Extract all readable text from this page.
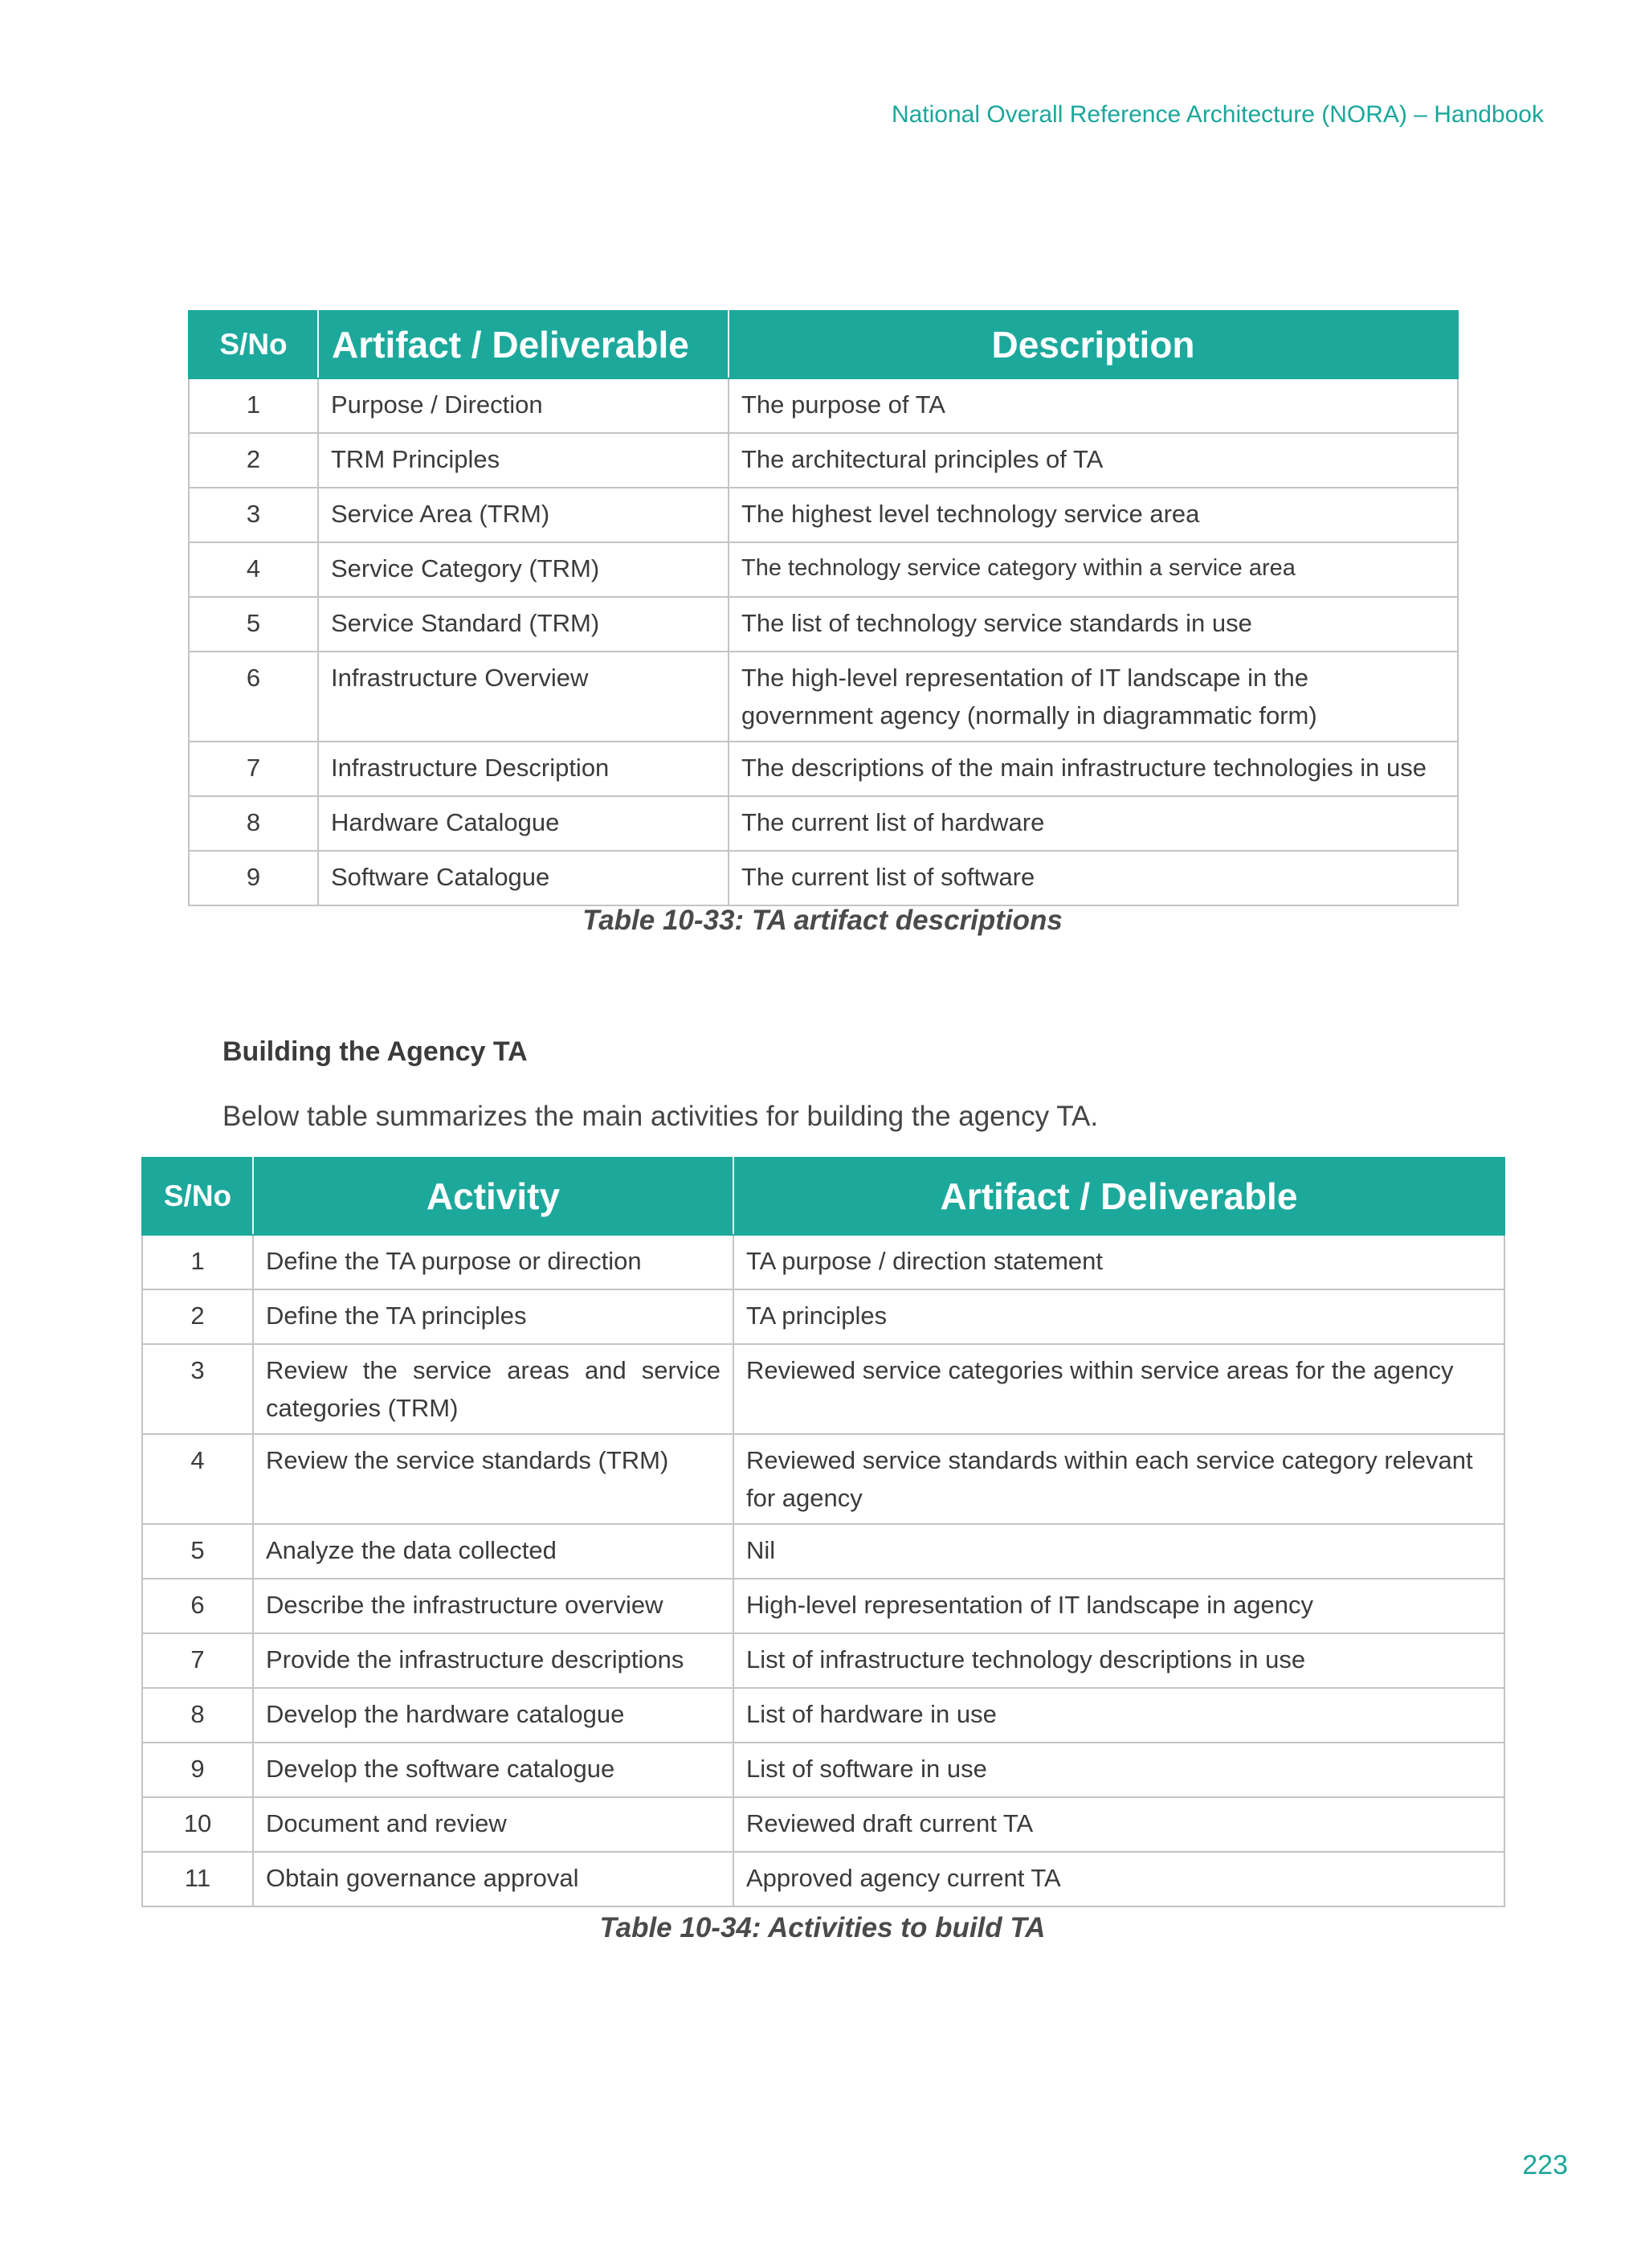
National Overall Reference Architecture (NORA) – Handbook
S/No	Artifact / Deliverable	Description
1	Purpose / Direction	The purpose of TA
2	TRM Principles	The architectural principles of TA
3	Service Area (TRM)	The highest level technology service area
4	Service Category (TRM)	The technology service category within a service area
5	Service Standard (TRM)	The list of technology service standards in use
6	Infrastructure Overview	The high-level representation of IT landscape in the government agency (normally in diagrammatic form)
7	Infrastructure Description	The descriptions of the main infrastructure technologies in use
8	Hardware Catalogue	The current list of hardware
9	Software Catalogue	The current list of software
Table 10-33: TA artifact descriptions
Building the Agency TA
Below table summarizes the main activities for building the agency TA.
S/No	Activity	Artifact / Deliverable
1	Define the TA purpose or direction	TA purpose / direction statement
2	Define the TA principles	TA principles
3	Review the service areas and service categories (TRM)	Reviewed service categories within service areas for the agency
4	Review the service standards (TRM)	Reviewed service standards within each service category relevant for agency
5	Analyze the data collected	Nil
6	Describe the infrastructure overview	High-level representation of IT landscape in agency
7	Provide the infrastructure descriptions	List of infrastructure technology descriptions in use
8	Develop the hardware catalogue	List of hardware in use
9	Develop the software catalogue	List of software in use
10	Document and review	Reviewed draft current TA
11	Obtain governance approval	Approved agency current TA
Table 10-34: Activities to build TA
223
